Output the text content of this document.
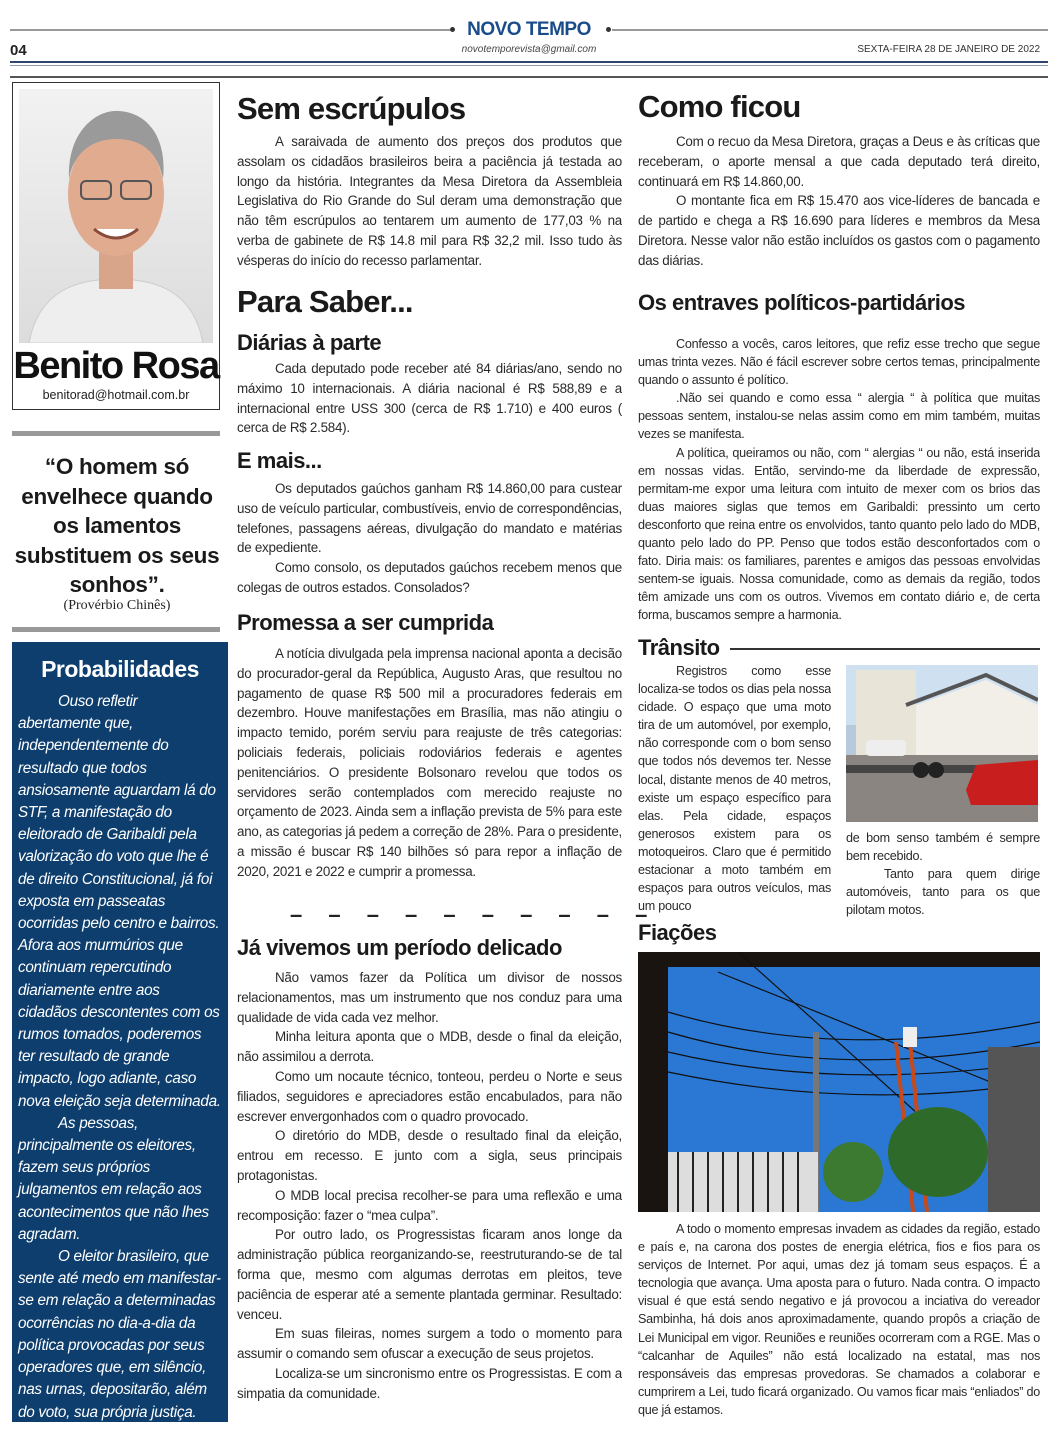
NOVO TEMPO
04	novotemporevista@gmail.com	SEXTA-FEIRA 28 DE JANEIRO DE 2022
Benito Rosa
benitorad@hotmail.com.br
“O homem só envelhece quando os lamentos substituem os seus sonhos”.
(Provérbio Chinês)
Probabilidades

Ouso refletir abertamente que, independentemente do resultado que todos ansiosamente aguardam lá do STF, a manifestação do eleitorado de Garibaldi pela valorização do voto que lhe é de direito Constitucional, já foi exposta em passeatas ocorridas pelo centro e bairros. Afora aos murmúrios que continuam repercutindo diariamente entre aos cidadãos descontentes com os rumos tomados, poderemos ter resultado de grande impacto, logo adiante, caso nova eleição seja determinada.

As pessoas, principalmente os eleitores, fazem seus próprios julgamentos em relação aos acontecimentos que não lhes agradam.

O eleitor brasileiro, que sente até medo em manifestar-se em relação a determinadas ocorrências no dia-a-dia da política provocadas por seus operadores que, em silêncio, nas urnas, depositarão, além do voto, sua própria justiça.

Sem escrúpulos

A saraivada de aumento dos preços dos produtos que assolam os cidadãos brasileiros beira a paciência já testada ao longo da história. Integrantes da Mesa Diretora da Assembleia Legislativa do Rio Grande do Sul deram uma demonstração que não têm escrúpulos ao tentarem um aumento de 177,03 % na verba de gabinete de R$ 14.8 mil para R$ 32,2 mil. Isso tudo às vésperas do início do recesso parlamentar.

Para Saber...
Diárias à parte

Cada deputado pode receber até 84 diárias/ano, sendo no máximo 10 internacionais. A diária nacional é R$ 588,89 e a internacional entre USS 300 (cerca de R$ 1.710) e 400 euros ( cerca de R$ 2.584).

E mais...

Os deputados gaúchos ganham R$ 14.860,00 para custear uso de veículo particular, combustíveis, envio de correspondências, telefones, passagens aéreas, divulgação do mandato e matérias de expediente.

Como consolo, os deputados gaúchos recebem menos que colegas de outros estados. Consolados?

Promessa a ser cumprida

A notícia divulgada pela imprensa nacional aponta a decisão do procurador-geral da República, Augusto Aras, que resultou no pagamento de quase R$ 500 mil a procuradores federais em dezembro. Houve manifestações em Brasília, mas não atingiu o impacto temido, porém serviu para reajuste de três categorias: policiais federais, policiais rodoviários federais e agentes penitenciários. O presidente Bolsonaro revelou que todos os servidores serão contemplados com merecido reajuste no orçamento de 2023. Ainda sem a inflação prevista de 5% para este ano, as categorias já pedem a correção de 28%. Para o presidente, a missão é buscar R$ 140 bilhões só para repor a inflação de 2020, 2021 e 2022 e cumprir a promessa.

– – – – – – – – – –
Já vivemos um período delicado

Não vamos fazer da Política um divisor de nossos relacionamentos, mas um instrumento que nos conduz para uma qualidade de vida cada vez melhor.

Minha leitura aponta que o MDB, desde o final da eleição, não assimilou a derrota.

Como um nocaute técnico, tonteou, perdeu o Norte e seus filiados, seguidores e apreciadores estão encabulados, para não escrever envergonhados com o quadro provocado.

O diretório do MDB, desde o resultado final da eleição, entrou em recesso. E junto com a sigla, seus principais protagonistas.

O MDB local precisa recolher-se para uma reflexão e uma recomposição: fazer o “mea culpa”.

Por outro lado, os Progressistas ficaram anos longe da administração pública reorganizando-se, reestruturando-se de tal forma que, mesmo com algumas derrotas em pleitos, teve paciência de esperar até a semente plantada germinar. Resultado: venceu.

Em suas fileiras, nomes surgem a todo o momento para assumir o comando sem ofuscar a execução de seus projetos.

Localiza-se um sincronismo entre os Progressistas. E com a simpatia da comunidade.

Como ficou

Com o recuo da Mesa Diretora, graças a Deus e às críticas que receberam, o aporte mensal a que cada deputado terá direito, continuará em R$ 14.860,00.

O montante fica em R$ 15.470 aos vice-líderes de bancada e de partido e chega a R$ 16.690 para líderes e membros da Mesa Diretora. Nesse valor não estão incluídos os gastos com o pagamento das diárias.

Os entraves políticos-partidários

Confesso a vocês, caros leitores, que refiz esse trecho que segue umas trinta vezes. Não é fácil escrever sobre certos temas, principalmente quando o assunto é político.

.Não sei quando e como essa “ alergia “ à política que muitas pessoas sentem, instalou-se nelas assim como em mim também, muitas vezes se manifesta.

A política, queiramos ou não, com “ alergias “ ou não, está inserida em nossas vidas. Então, servindo-me da liberdade de expressão, permitam-me expor uma leitura com intuito de mexer com os brios das duas maiores siglas que temos em Garibaldi: pressinto um certo desconforto que reina entre os envolvidos, tanto quanto pelo lado do MDB, quanto pelo lado do PP. Penso que todos estão desconfortados com o fato. Diria mais: os familiares, parentes e amigos das pessoas envolvidas sentem-se iguais. Nossa comunidade, como as demais da região, todos têm amizade uns com os outros. Vivemos em contato diário e, de certa forma, buscamos sempre a harmonia.

Trânsito

Registros como esse localiza-se todos os dias pela nossa cidade. O espaço que uma moto tira de um automóvel, por exemplo, não corresponde com o bom senso que todos nós devemos ter. Nesse local, distante menos de 40 metros, existe um espaço específico para elas. Pela cidade, espaços generosos existem para os motoqueiros. Claro que é permitido estacionar a moto também em espaços para outros veículos, mas um pouco

de bom senso também é sempre bem recebido.

Tanto para quem dirige automóveis, tanto para os que pilotam motos.

Fiações

A todo o momento empresas invadem as cidades da região, estado e país e, na carona dos postes de energia elétrica, fios e fios para os serviços de Internet. Por aqui, umas dez já tomam seus espaços. É a tecnologia que avança. Uma aposta para o futuro. Nada contra. O impacto visual é que está sendo negativo e já provocou a inciativa do vereador Sambinha, há dois anos aproximadamente, quando propôs a criação de Lei Municipal em vigor. Reuniões e reuniões ocorreram com a RGE. Mas o “calcanhar de Aquiles” não está localizado na estatal, mas nos responsáveis das empresas provedoras. Se chamados a colaborar e cumprirem a Lei, tudo ficará organizado. Ou vamos ficar mais “enliados” do que já estamos.
